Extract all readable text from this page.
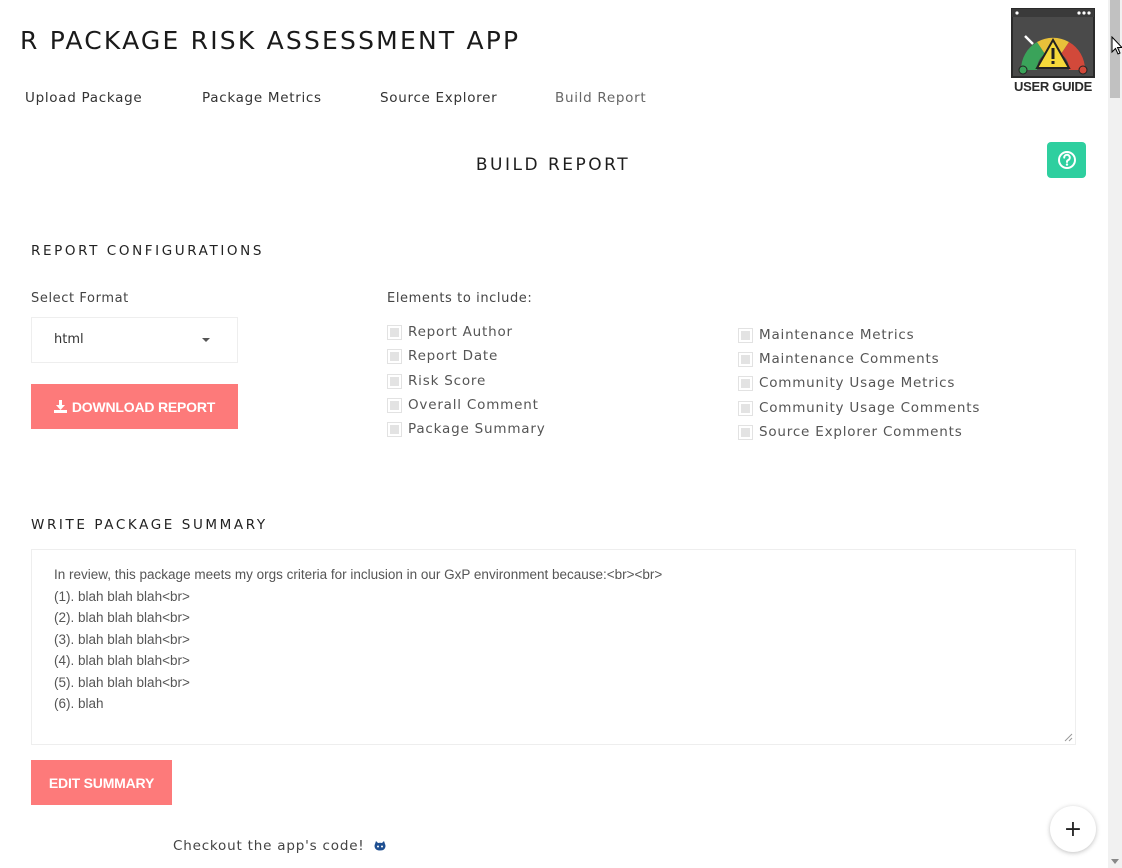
R PACKAGE RISK ASSESSMENT APP
USER GUIDE
Upload Package	Package Metrics	Source Explorer	Build Report
BUILD REPORT
REPORT CONFIGURATIONS
Select Format
html
DOWNLOAD REPORT
Elements to include:
Report Author
Report Date
Risk Score
Overall Comment
Package Summary
Maintenance Metrics
Maintenance Comments
Community Usage Metrics
Community Usage Comments
Source Explorer Comments
WRITE PACKAGE SUMMARY
In review, this package meets my orgs criteria for inclusion in our GxP environment because:<br><br>
(1). blah blah blah<br>
(2). blah blah blah<br>
(3). blah blah blah<br>
(4). blah blah blah<br>
(5). blah blah blah<br>
(6). blah
EDIT SUMMARY
Checkout the app's code!
+
